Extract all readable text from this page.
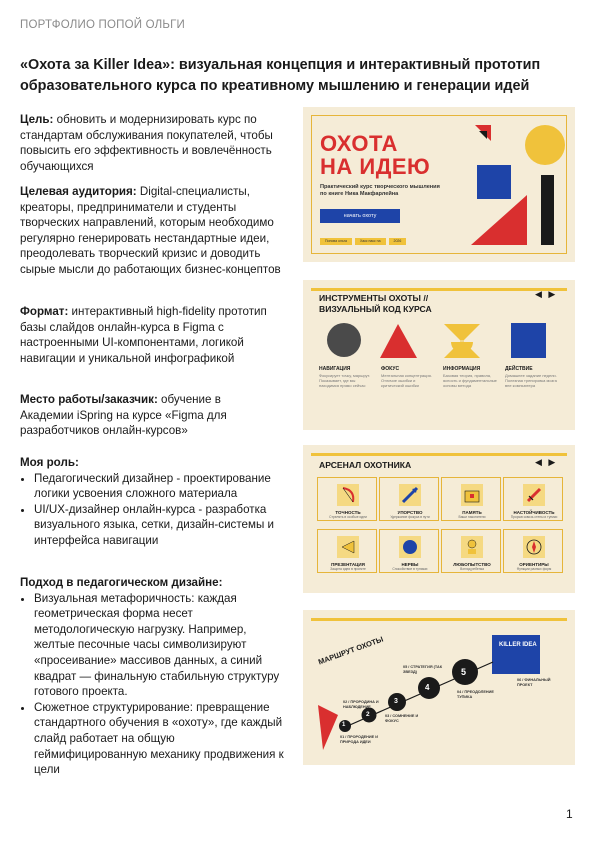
ПОРТФОЛИО ПОПОЙ ОЛЬГИ
«Охота за Killer Idea»: визуальная концепция и интерактивный прототип образовательного курса по креативному мышлению и генерации идей

Цель: обновить и модернизировать курс по стандартам обслуживания покупателей, чтобы повысить его эффективность и вовлечённость обучающихся

Целевая аудитория: Digital-специалисты, креаторы, предприниматели и студенты творческих направлений, которым необходимо регулярно генерировать нестандартные идеи, преодолевать творческий кризис и доводить сырые мысли до работающих бизнес-концептов

Формат: интерактивный high-fidelity прототип базы слайдов онлайн-курса в Figma с настроенными UI-компонентами, логикой навигации и уникальной инфографикой

Место работы/заказчик: обучение в Академии iSpring на курсе «Figma для разработчиков онлайн-курсов»

Моя роль:
• Педагогический дизайнер - проектирование логики усвоения сложного материала
• UI/UX-дизайнер онлайн-курса - разработка визуального языка, сетки, дизайн-системы и интерфейса навигации
Подход в педагогическом дизайне:
• Визуальная метафоричность: каждая геометрическая форма несет методологическую нагрузку. Например, желтые песочные часы символизируют «просеивание» массивов данных, а синий квадрат — финальную стабильную структуру готового проекта.
• Сюжетное структурирование: превращение стандартного обучения в «охоту», где каждый слайд работает на общую геймифицированную механику продвижения к цели
ОХОТА
НА ИДЕЮ
Практический курс творческого мышления по книге Ника Макфарлейна
начать охоту
Попова ольга	Хакс пакс на	2026
ИНСТРУМЕНТЫ ОХОТЫ //
ВИЗУАЛЬНЫЙ КОД КУРСА
◀ ▶
НАВИГАЦИЯ
Фокусирует точку, маршрут. Показывает, где мы находимся прямо сейчас
ФОКУС
Ментальная концентрация. Отличие ошибки и критический ошибки
ИНФОРМАЦИЯ
Базовая теория, правила, ясность и фундаментальные основы метода
ДЕЙСТВИЕ
Домашнее задание недели. Полезная тренировка мозга вне компьютера
АРСЕНАЛ ОХОТНИКА	◀ ▶
ТОЧНОСТЬ
Стрелять в особые идеи
УПОРСТВО
Удержание фокуса в пути
ПАМЯТЬ
Ваши накопители
НАСТОЙЧИВОСТЬ
Прорыв сквозь стены и тупики
ПРЕЗЕНТАЦИЯ
Защита идеи в проекте
НЕРВЫ
Спокойствие в тупиках
ЛЮБОПЫТСТВО
Взгляд ребенка
ОРИЕНТИРЫ
Функции разных форм
МАРШРУТ ОХОТЫ	KILLER IDEA
1
2
3
4
5
01 / ПРОРОДЕНИЕ И ПРИРОДА ИДЕИ
02 / ПРОРОДИНА И НАБЛЮДЕНИЕ
03 / СОМНЕНИЕ И ФОКУС
04 / ПРЕОДОЛЕНИЕ ТУПИКА
05 / СТРАТЕГИЯ (ТАК ЗВЕЗД)
06 / ФИНАЛЬНЫЙ ПРОЕКТ
1
